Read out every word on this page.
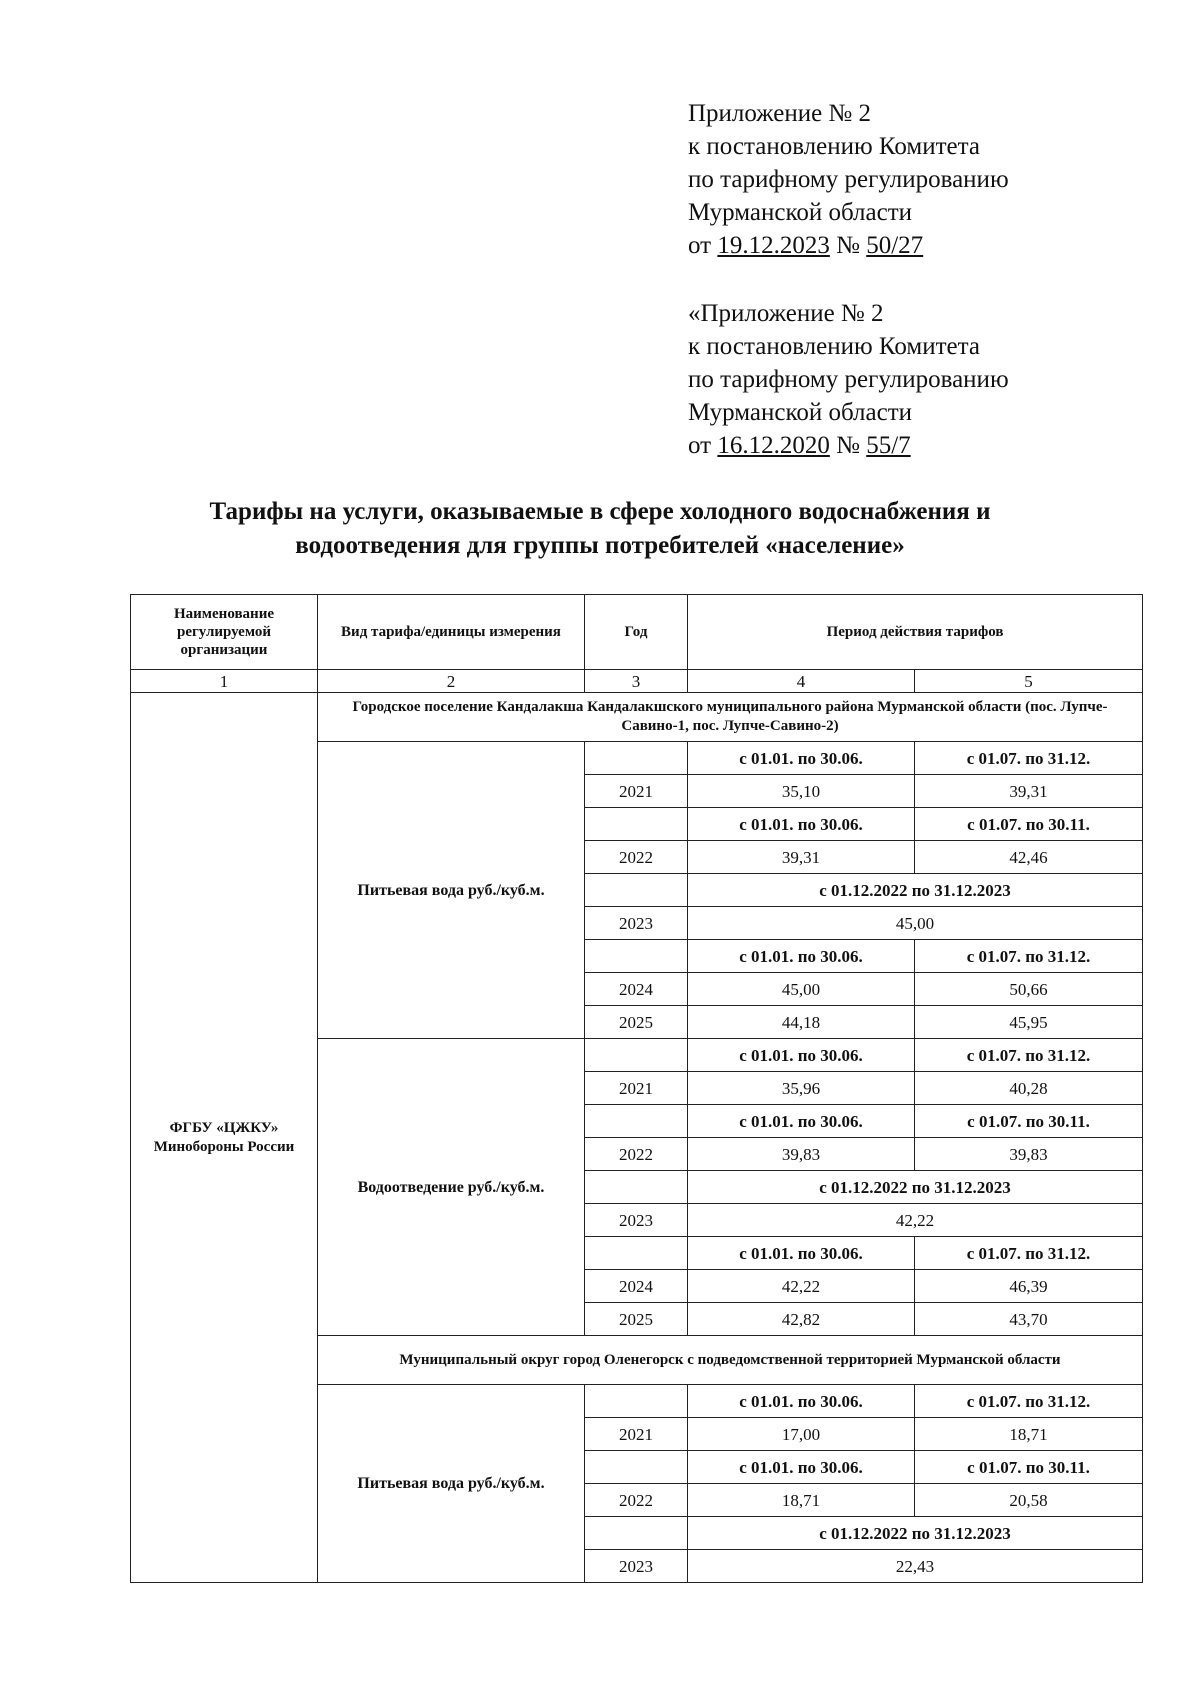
Приложение № 2
к постановлению Комитета
по тарифному регулированию
Мурманской области
от 19.12.2023 № 50/27
«Приложение № 2
к постановлению Комитета
по тарифному регулированию
Мурманской области
от 16.12.2020 № 55/7
Тарифы на услуги, оказываемые в сфере холодного водоснабжения и
водоотведения для группы потребителей «население»
Наименование регулируемой организации	Вид тарифа/единицы измерения	Год	Период действия тарифов	
1	2	3	4	5
ФГБУ «ЦЖКУ» Минобороны России	Городское поселение Кандалакша Кандалакшского муниципального района Мурманской области (пос. Лупче-Савино-1, пос. Лупче-Савино-2)			
	Питьевая вода руб./куб.м.		с 01.01. по 30.06.	с 01.07. по 31.12.
		2021	35,10	39,31
			с 01.01. по 30.06.	с 01.07. по 30.11.
		2022	39,31	42,46
			с 01.12.2022 по 31.12.2023	
		2023	45,00	
			с 01.01. по 30.06.	с 01.07. по 31.12.
		2024	45,00	50,66
		2025	44,18	45,95
	Водоотведение руб./куб.м.		с 01.01. по 30.06.	с 01.07. по 31.12.
		2021	35,96	40,28
			с 01.01. по 30.06.	с 01.07. по 30.11.
		2022	39,83	39,83
			с 01.12.2022 по 31.12.2023	
		2023	42,22	
			с 01.01. по 30.06.	с 01.07. по 31.12.
		2024	42,22	46,39
		2025	42,82	43,70
	Муниципальный округ город Оленегорск с подведомственной территорией Мурманской области			
	Питьевая вода руб./куб.м.		с 01.01. по 30.06.	с 01.07. по 31.12.
		2021	17,00	18,71
			с 01.01. по 30.06.	с 01.07. по 30.11.
		2022	18,71	20,58
			с 01.12.2022 по 31.12.2023	
		2023	22,43	
